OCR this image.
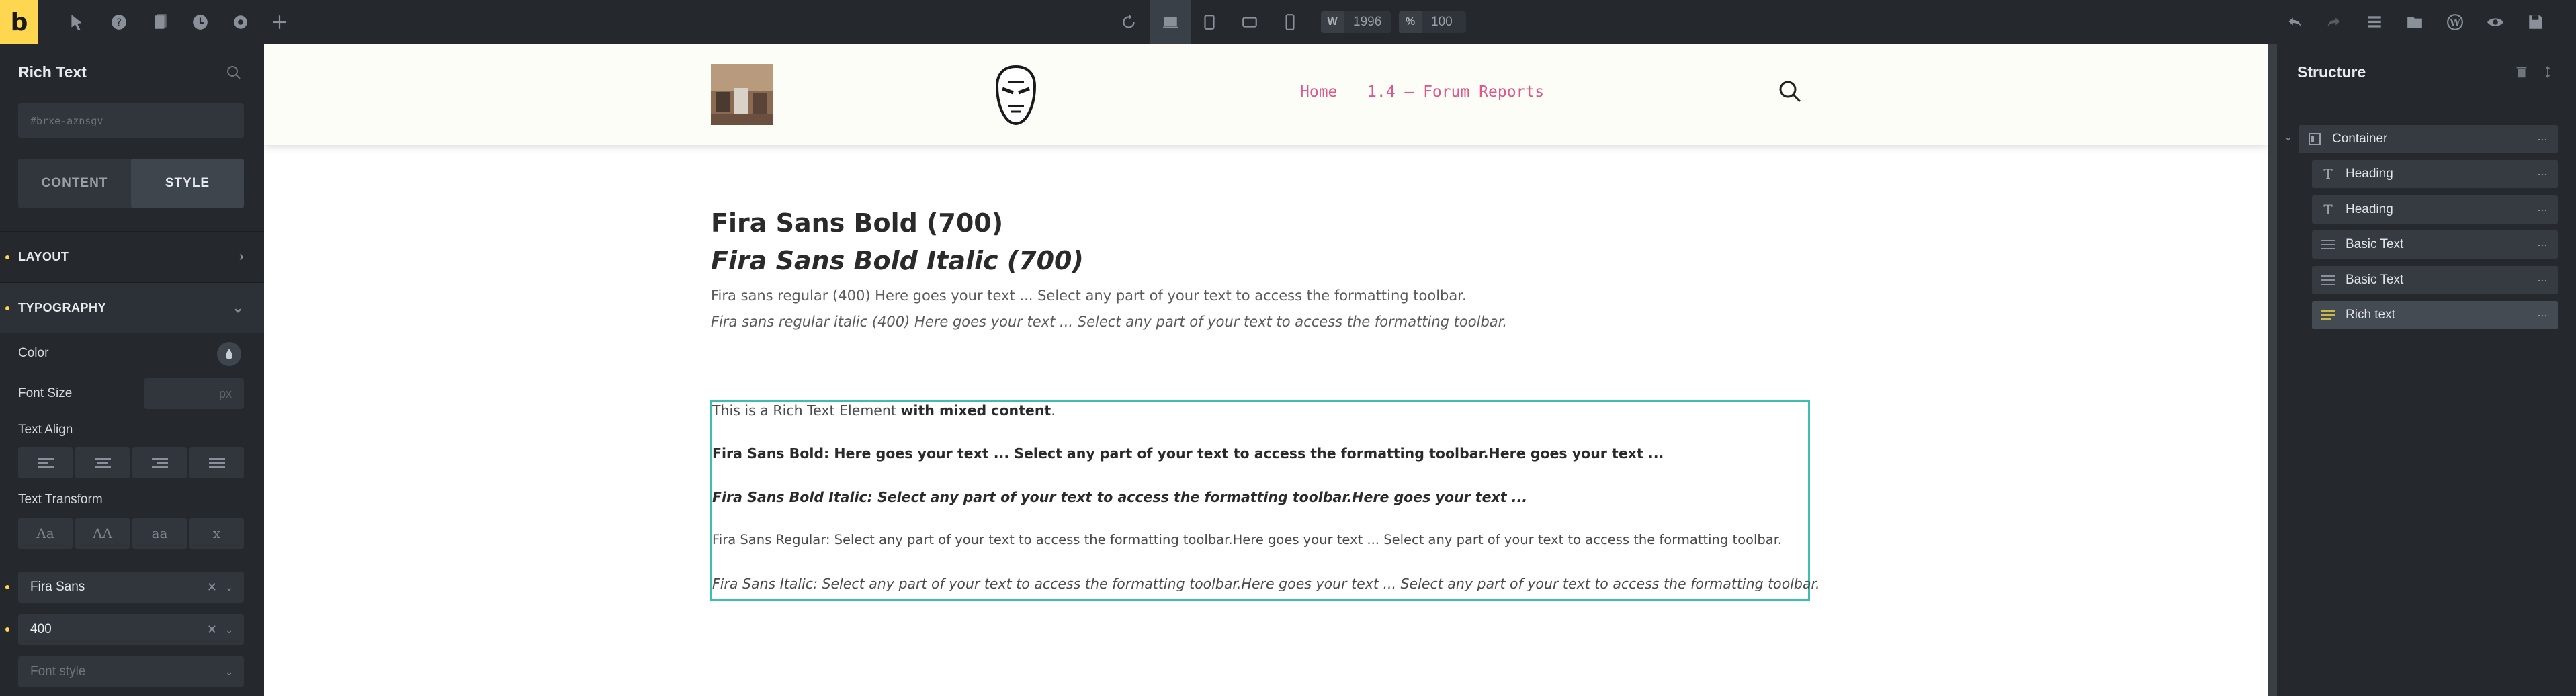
b	?	W	1996	%	100	W
Rich Text
#brxe-aznsgv
CONTENT	STYLE
LAYOUT	›
TYPOGRAPHY	⌄
Color
Font Size	px
Text Align
Text Transform
Aa	AA	aa	x
Fira Sans	✕ ⌄
400	✕ ⌄
Font style	⌄
Home 1.4 – Forum Reports
Fira Sans Bold (700)
Fira Sans Bold Italic (700)
Fira sans regular (400) Here goes your text ... Select any part of your text to access the formatting toolbar.
Fira sans regular italic (400) Here goes your text ... Select any part of your text to access the formatting toolbar.
This is a Rich Text Element with mixed content.
Fira Sans Bold: Here goes your text ... Select any part of your text to access the formatting toolbar.Here goes your text ...
Fira Sans Bold Italic: Select any part of your text to access the formatting toolbar.Here goes your text ...
Fira Sans Regular: Select any part of your text to access the formatting toolbar.Here goes your text ... Select any part of your text to access the formatting toolbar.
Fira Sans Italic: Select any part of your text to access the formatting toolbar.Here goes your text ... Select any part of your text to access the formatting toolbar.
Structure
⌄	Container	···
T Heading	···
T Heading	···
Basic Text	···
Basic Text	···
Rich text	···
